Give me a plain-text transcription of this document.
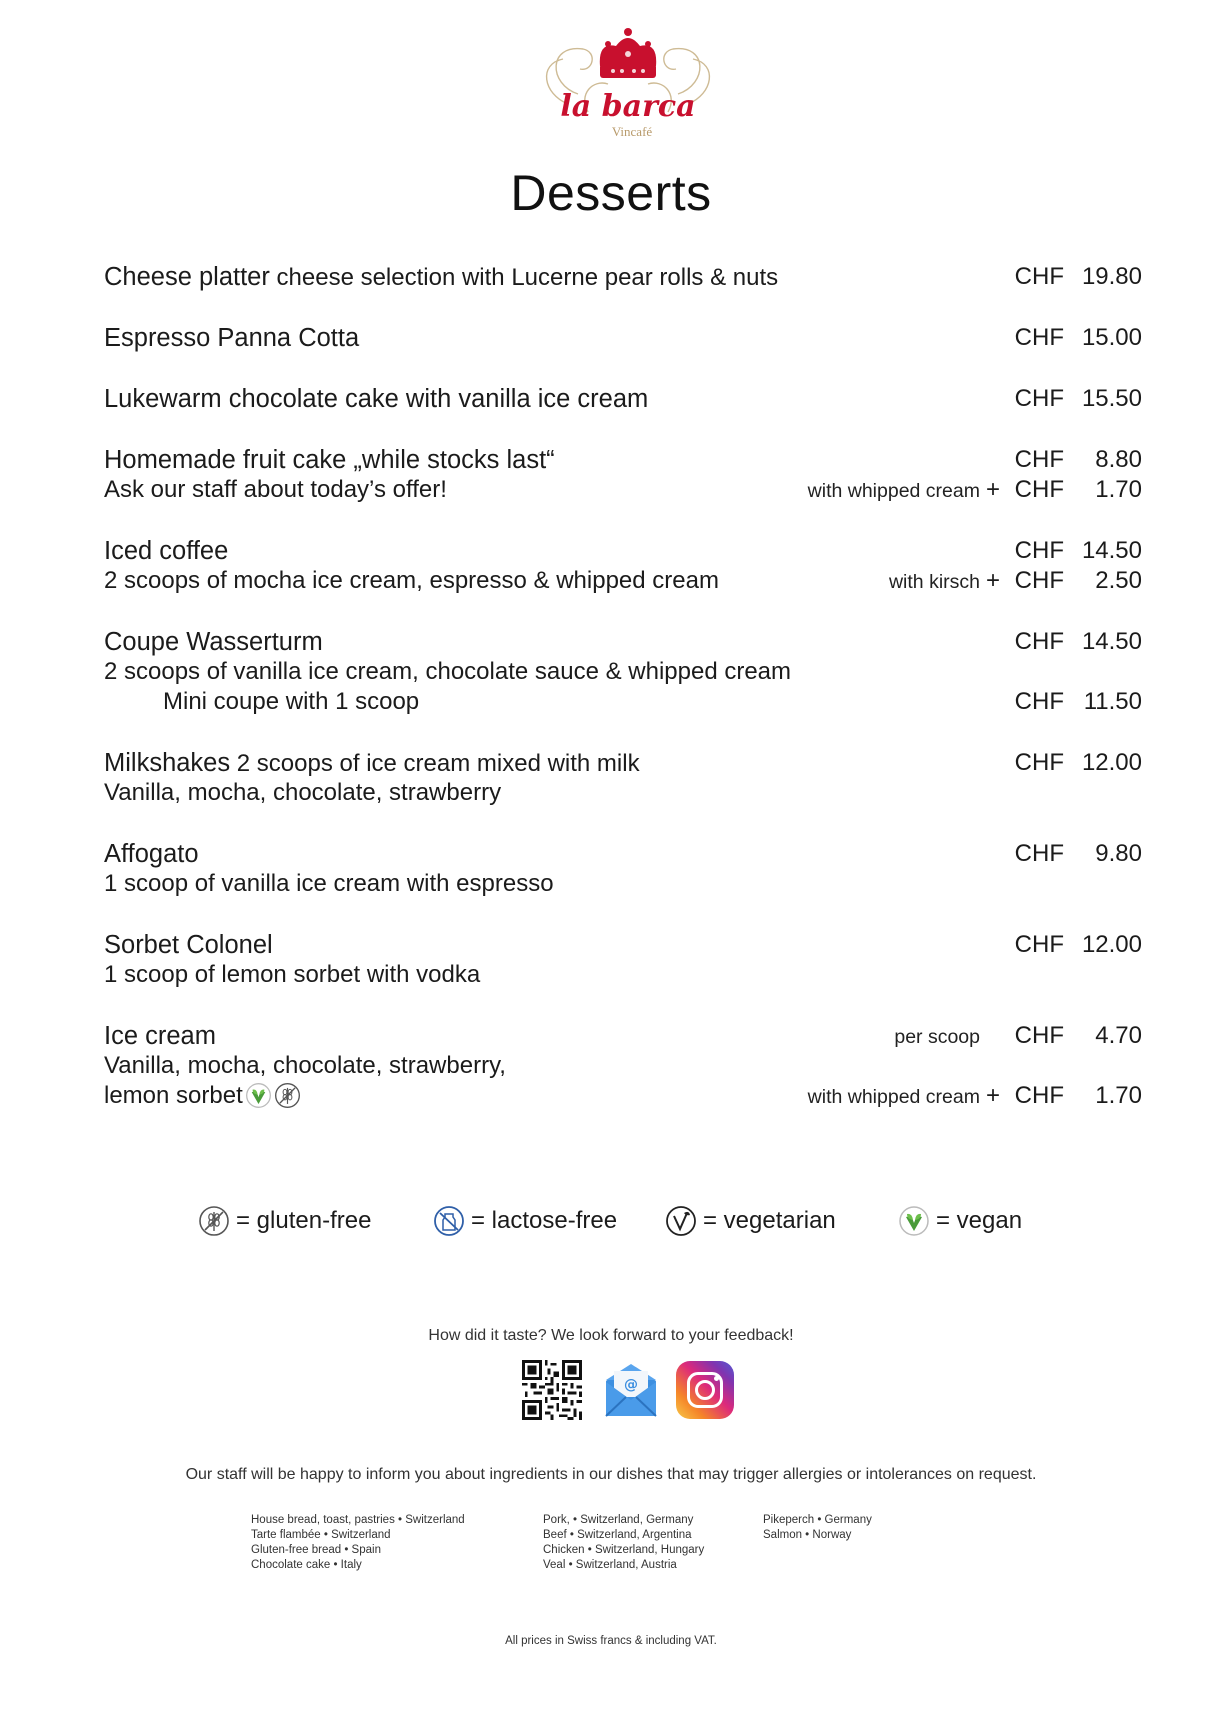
la barca
Vincafé
Desserts
Cheese platter cheese selection with Lucerne pear rolls & nuts	CHF 19.80
Espresso Panna Cotta	CHF 15.00
Lukewarm chocolate cake with vanilla ice cream	CHF 15.50
Homemade fruit cake „while stocks last“	CHF 8.80
Ask our staff about today’s offer!	with whipped cream + CHF 1.70
Iced coffee	CHF 14.50
2 scoops of mocha ice cream, espresso & whipped cream	with kirsch + CHF 2.50
Coupe Wasserturm	CHF 14.50
2 scoops of vanilla ice cream, chocolate sauce & whipped cream
Mini coupe with 1 scoop	CHF 11.50
Milkshakes 2 scoops of ice cream mixed with milk	CHF 12.00
Vanilla, mocha, chocolate, strawberry
Affogato	CHF 9.80
1 scoop of vanilla ice cream with espresso
Sorbet Colonel	CHF 12.00
1 scoop of lemon sorbet with vodka
Ice cream	per scoop CHF 4.70
Vanilla, mocha, chocolate, strawberry,
lemon sorbet	with whipped cream + CHF 1.70
= gluten-free	= lactose-free	= vegetarian	= vegan
How did it taste? We look forward to your feedback!
@
Our staff will be happy to inform you about ingredients in our dishes that may trigger allergies or intolerances on request.
House bread, toast, pastries • Switzerland
Tarte flambée • Switzerland
Gluten-free bread • Spain
Chocolate cake • Italy
Pork, • Switzerland, Germany
Beef • Switzerland, Argentina
Chicken • Switzerland, Hungary
Veal • Switzerland, Austria
Pikeperch • Germany
Salmon • Norway
All prices in Swiss francs & including VAT.
